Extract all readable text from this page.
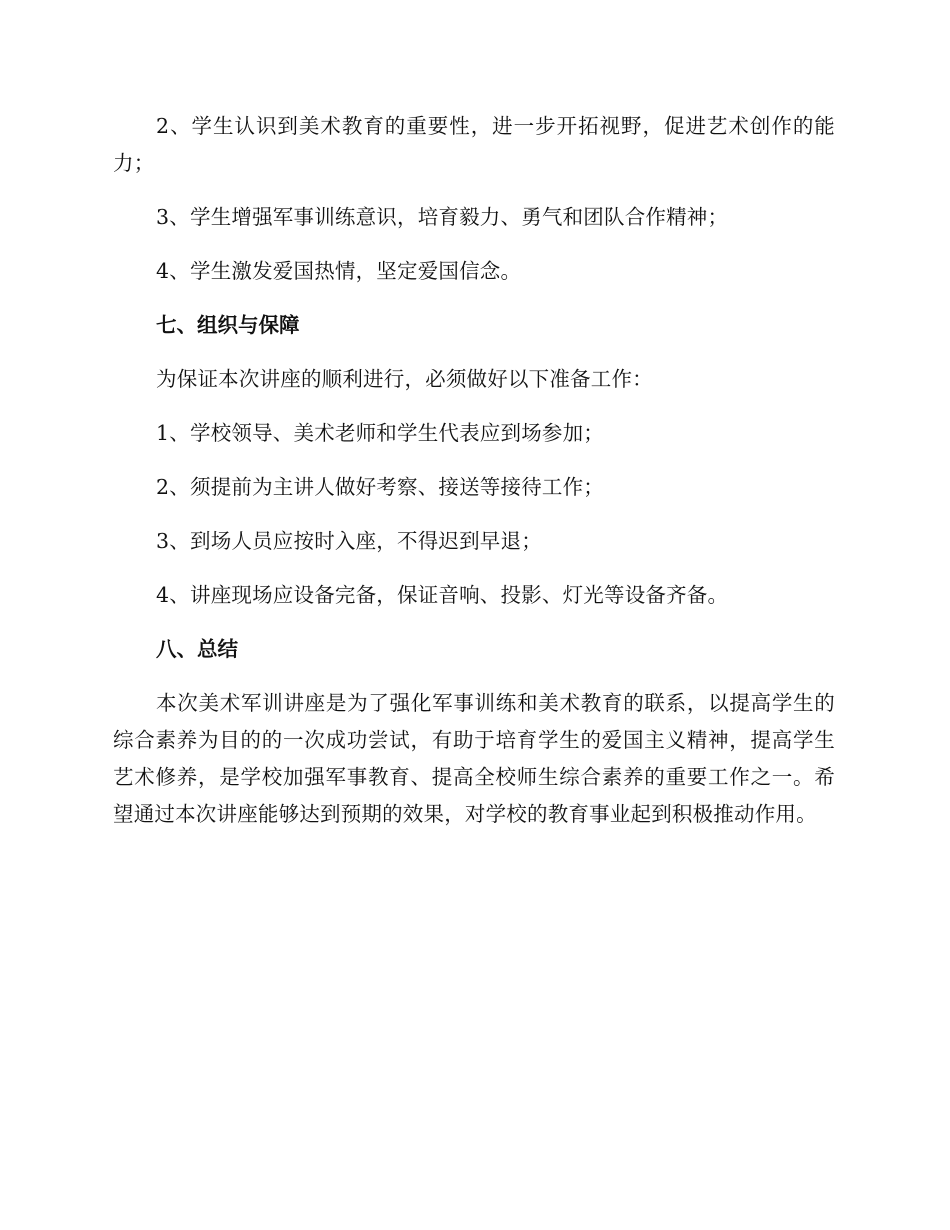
2、学生认识到美术教育的重要性，进一步开拓视野，促进艺术创作的能力；

3、学生增强军事训练意识，培育毅力、勇气和团队合作精神；

4、学生激发爱国热情，坚定爱国信念。

七、组织与保障

为保证本次讲座的顺利进行，必须做好以下准备工作：

1、学校领导、美术老师和学生代表应到场参加；

2、须提前为主讲人做好考察、接送等接待工作；

3、到场人员应按时入座，不得迟到早退；

4、讲座现场应设备完备，保证音响、投影、灯光等设备齐备。

八、总结

本次美术军训讲座是为了强化军事训练和美术教育的联系，以提高学生的综合素养为目的的一次成功尝试，有助于培育学生的爱国主义精神，提高学生艺术修养，是学校加强军事教育、提高全校师生综合素养的重要工作之一。希望通过本次讲座能够达到预期的效果，对学校的教育事业起到积极推动作用。
